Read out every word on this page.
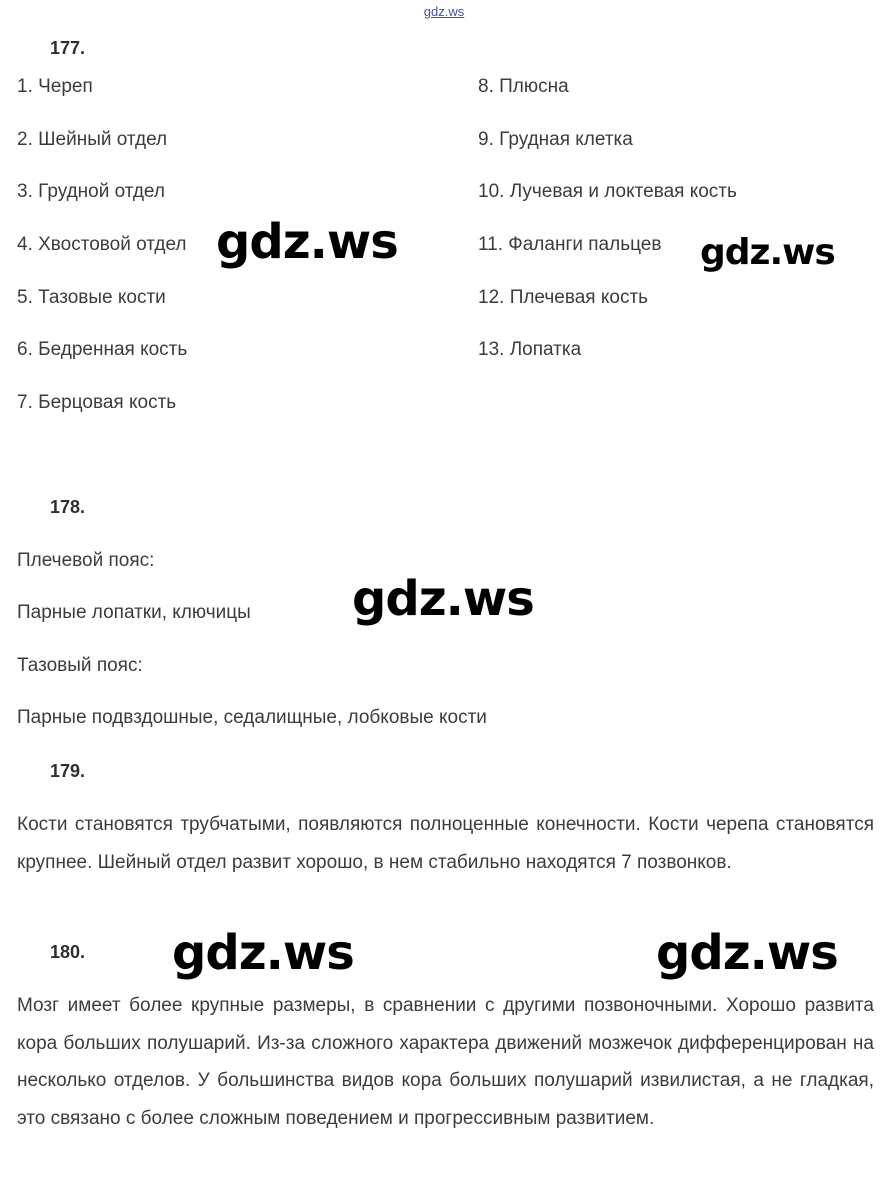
gdz.ws
177.
1. Череп
2. Шейный отдел
3. Грудной отдел
4. Хвостовой отдел
5. Тазовые кости
6. Бедренная кость
7. Берцовая кость
8. Плюсна
9. Грудная клетка
10. Лучевая и локтевая кость
11. Фаланги пальцев
12. Плечевая кость
13. Лопатка
gdz.ws	gdz.ws
178.
Плечевой пояс:
Парные лопатки, ключицы
Тазовый пояс:
Парные подвздошные, седалищные, лобковые кости
gdz.ws
179.
Кости становятся трубчатыми, появляются полноценные конечности. Кости черепа становятся крупнее. Шейный отдел развит хорошо, в нем стабильно находятся 7 позвонков.
180. gdz.ws	gdz.ws
Мозг имеет более крупные размеры, в сравнении с другими позвоночными. Хорошо развита кора больших полушарий. Из-за сложного характера движений мозжечок дифференцирован на несколько отделов. У большинства видов кора больших полушарий извилистая, а не гладкая, это связано с более сложным поведением и прогрессивным развитием.
